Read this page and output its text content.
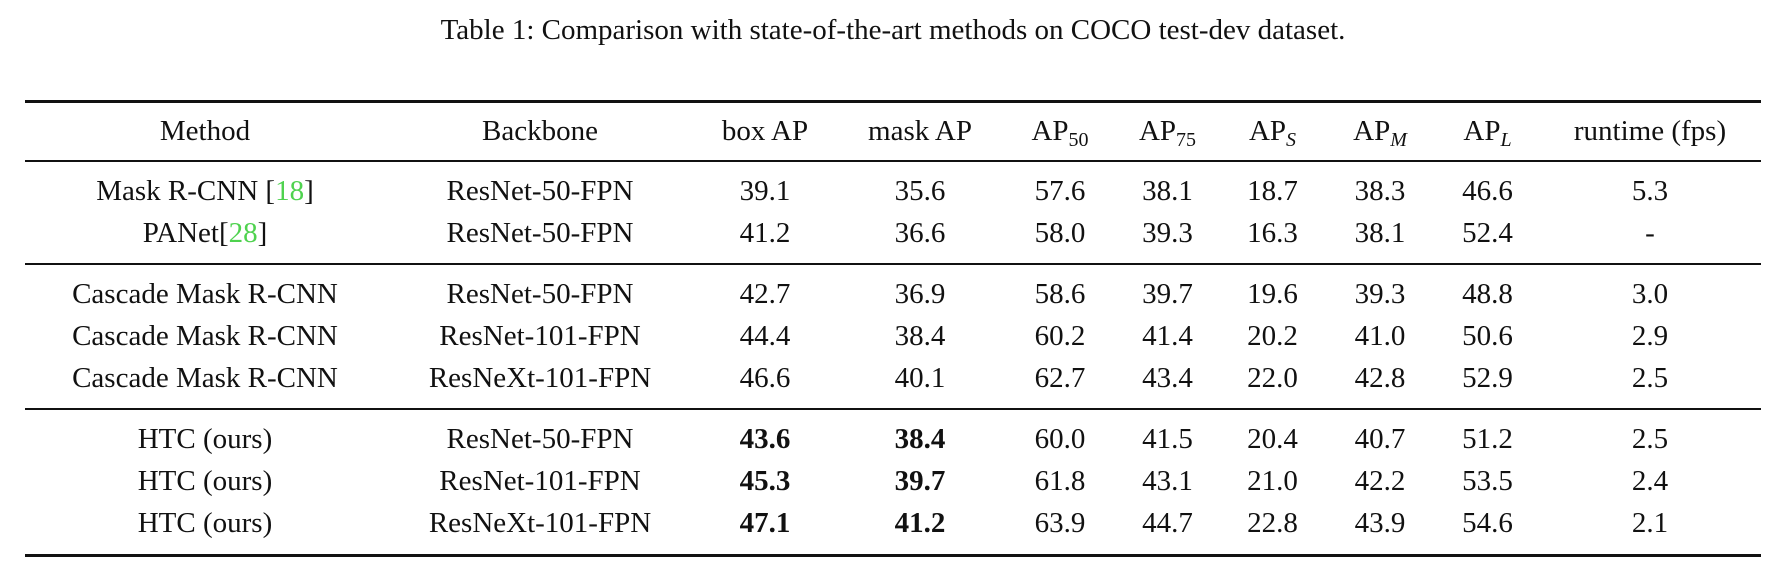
Table 1: Comparison with state-of-the-art methods on COCO test-dev dataset.
Method	Backbone	box AP	mask AP	$AP_{50}$	$AP_{75}$	$AP_S$	$AP_M$	$AP_L$	runtime (fps)
Mask R-CNN [18]	ResNet-50-FPN	39.1	35.6	57.6	38.1	18.7	38.3	46.6	5.3
PANet[28]	ResNet-50-FPN	41.2	36.6	58.0	39.3	16.3	38.1	52.4	-
Cascade Mask R-CNN	ResNet-50-FPN	42.7	36.9	58.6	39.7	19.6	39.3	48.8	3.0
Cascade Mask R-CNN	ResNet-101-FPN	44.4	38.4	60.2	41.4	20.2	41.0	50.6	2.9
Cascade Mask R-CNN	ResNeXt-101-FPN	46.6	40.1	62.7	43.4	22.0	42.8	52.9	2.5
HTC (ours)	ResNet-50-FPN	43.6	38.4	60.0	41.5	20.4	40.7	51.2	2.5
HTC (ours)	ResNet-101-FPN	45.3	39.7	61.8	43.1	21.0	42.2	53.5	2.4
HTC (ours)	ResNeXt-101-FPN	47.1	41.2	63.9	44.7	22.8	43.9	54.6	2.1
